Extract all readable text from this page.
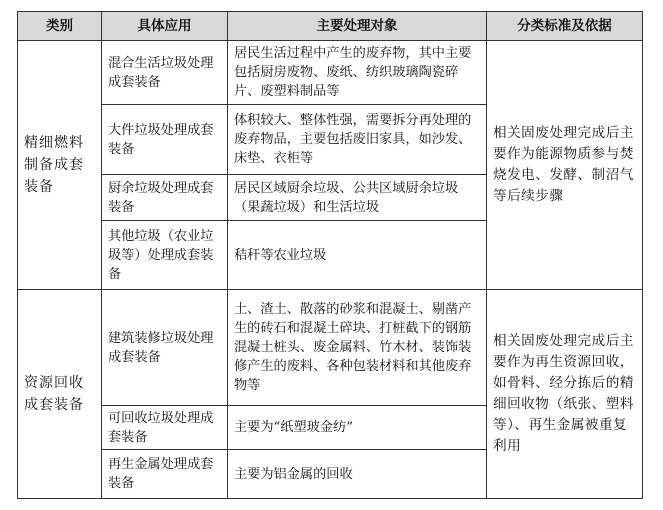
类别	具体应用	主要处理对象	分类标准及依据
精细燃料制备成套装备	混合生活垃圾处理成套装备	居民生活过程中产生的废弃物，其中主要包括厨房废物、废纸、纺织玻璃陶瓷碎片、废塑料制品等	相关固废处理完成后主要作为能源物质参与焚烧发电、发酵、制沼气等后续步骤
	大件垃圾处理成套装备	体积较大、整体性强，需要拆分再处理的废弃物品，主要包括废旧家具，如沙发、床垫、衣柜等	
	厨余垃圾处理成套装备	居民区域厨余垃圾、公共区域厨余垃圾（果蔬垃圾）和生活垃圾	
	其他垃圾（农业垃圾等）处理成套装备	秸秆等农业垃圾	
资源回收成套装备	建筑装修垃圾处理成套装备	土、渣土、散落的砂浆和混凝土、剔凿产生的砖石和混凝土碎块、打桩截下的钢筋混凝土桩头、废金属料、竹木材、装饰装修产生的废料、各种包装材料和其他废弃物等	相关固废处理完成后主要作为再生资源回收，如骨料、经分拣后的精细回收物（纸张、塑料等）、再生金属被重复利用
	可回收垃圾处理成套装备	主要为“纸塑玻金纺”	
	再生金属处理成套装备	主要为铝金属的回收	
